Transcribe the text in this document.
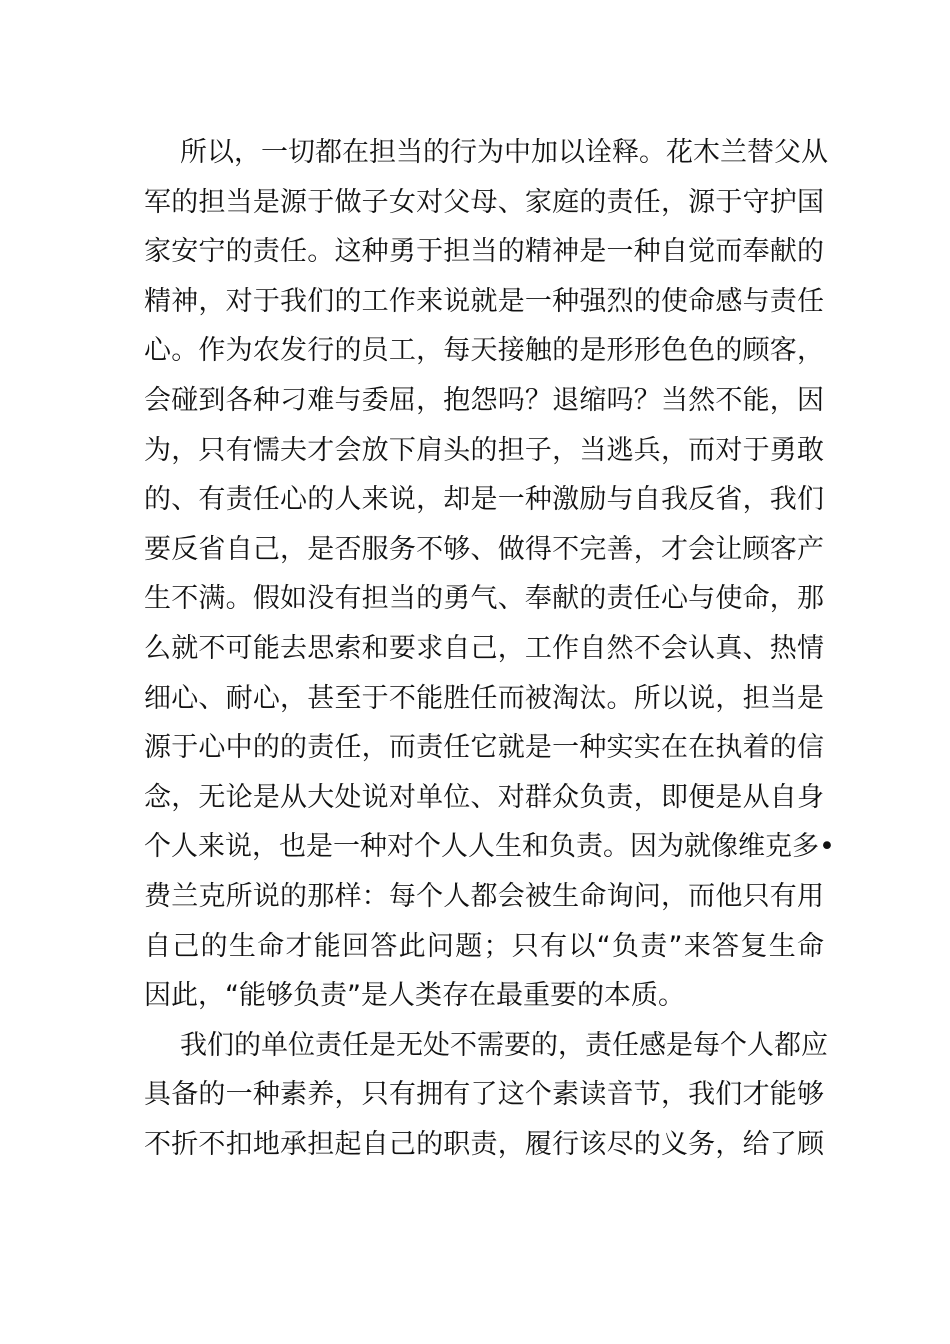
所以，一切都在担当的行为中加以诠释。花木兰替父从
军的担当是源于做子女对父母、家庭的责任，源于守护国
家安宁的责任。这种勇于担当的精神是一种自觉而奉献的
精神，对于我们的工作来说就是一种强烈的使命感与责任
心。作为农发行的员工，每天接触的是形形色色的顾客，
会碰到各种刁难与委屈，抱怨吗？退缩吗？当然不能，因
为，只有懦夫才会放下肩头的担子，当逃兵，而对于勇敢
的、有责任心的人来说，却是一种激励与自我反省，我们
要反省自己，是否服务不够、做得不完善，才会让顾客产
生不满。假如没有担当的勇气、奉献的责任心与使命，那
么就不可能去思索和要求自己，工作自然不会认真、热情
细心、耐心，甚至于不能胜任而被淘汰。所以说，担当是
源于心中的的责任，而责任它就是一种实实在在执着的信
念，无论是从大处说对单位、对群众负责，即便是从自身
个人来说，也是一种对个人人生和负责。因为就像维克多•
费兰克所说的那样：每个人都会被生命询问，而他只有用
自己的生命才能回答此问题；只有以“负责”来答复生命
因此，“能够负责”是人类存在最重要的本质。
我们的单位责任是无处不需要的，责任感是每个人都应
具备的一种素养，只有拥有了这个素读音节，我们才能够
不折不扣地承担起自己的职责，履行该尽的义务，给了顾
